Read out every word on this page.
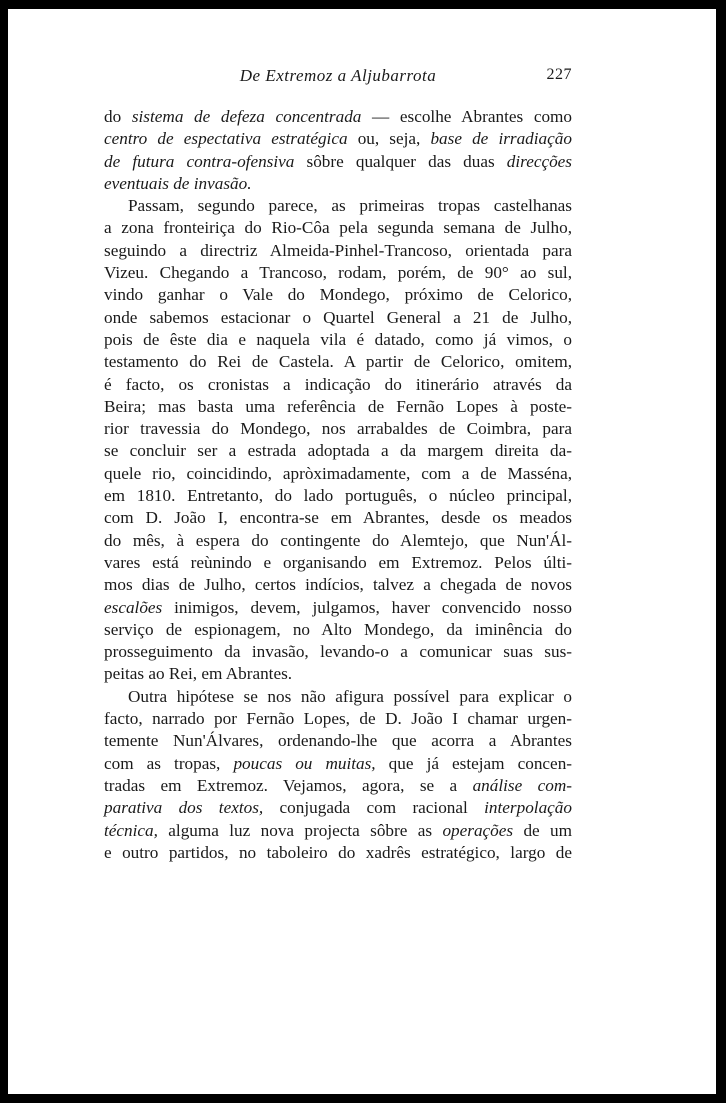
De Extremoz a Aljubarrota	227

do sistema de defeza concentrada — escolhe Abrantes como
centro de espectativa estratégica ou, seja, base de irradiação
de futura contra-ofensiva sôbre qualquer das duas direcções
eventuais de invasão.

Passam, segundo parece, as primeiras tropas castelhanas
a zona fronteiriça do Rio-Côa pela segunda semana de Julho,
seguindo a directriz Almeida-Pinhel-Trancoso, orientada para
Vizeu. Chegando a Trancoso, rodam, porém, de 90° ao sul,
vindo ganhar o Vale do Mondego, próximo de Celorico,
onde sabemos estacionar o Quartel General a 21 de Julho,
pois de êste dia e naquela vila é datado, como já vimos, o
testamento do Rei de Castela. A partir de Celorico, omitem,
é facto, os cronistas a indicação do itinerário através da
Beira; mas basta uma referência de Fernão Lopes à poste-
rior travessia do Mondego, nos arrabaldes de Coimbra, para
se concluir ser a estrada adoptada a da margem direita da-
quele rio, coincidindo, apròximadamente, com a de Masséna,
em 1810. Entretanto, do lado português, o núcleo principal,
com D. João I, encontra-se em Abrantes, desde os meados
do mês, à espera do contingente do Alemtejo, que Nun'Ál-
vares está reùnindo e organisando em Extremoz. Pelos últi-
mos dias de Julho, certos indícios, talvez a chegada de novos
escalões inimigos, devem, julgamos, haver convencido nosso
serviço de espionagem, no Alto Mondego, da iminência do
prosseguimento da invasão, levando-o a comunicar suas sus-
peitas ao Rei, em Abrantes.

Outra hipótese se nos não afigura possível para explicar o
facto, narrado por Fernão Lopes, de D. João I chamar urgen-
temente Nun'Álvares, ordenando-lhe que acorra a Abrantes
com as tropas, poucas ou muitas, que já estejam concen-
tradas em Extremoz. Vejamos, agora, se a análise com-
parativa dos textos, conjugada com racional interpolação
técnica, alguma luz nova projecta sôbre as operações de um
e outro partidos, no taboleiro do xadrês estratégico, largo de
